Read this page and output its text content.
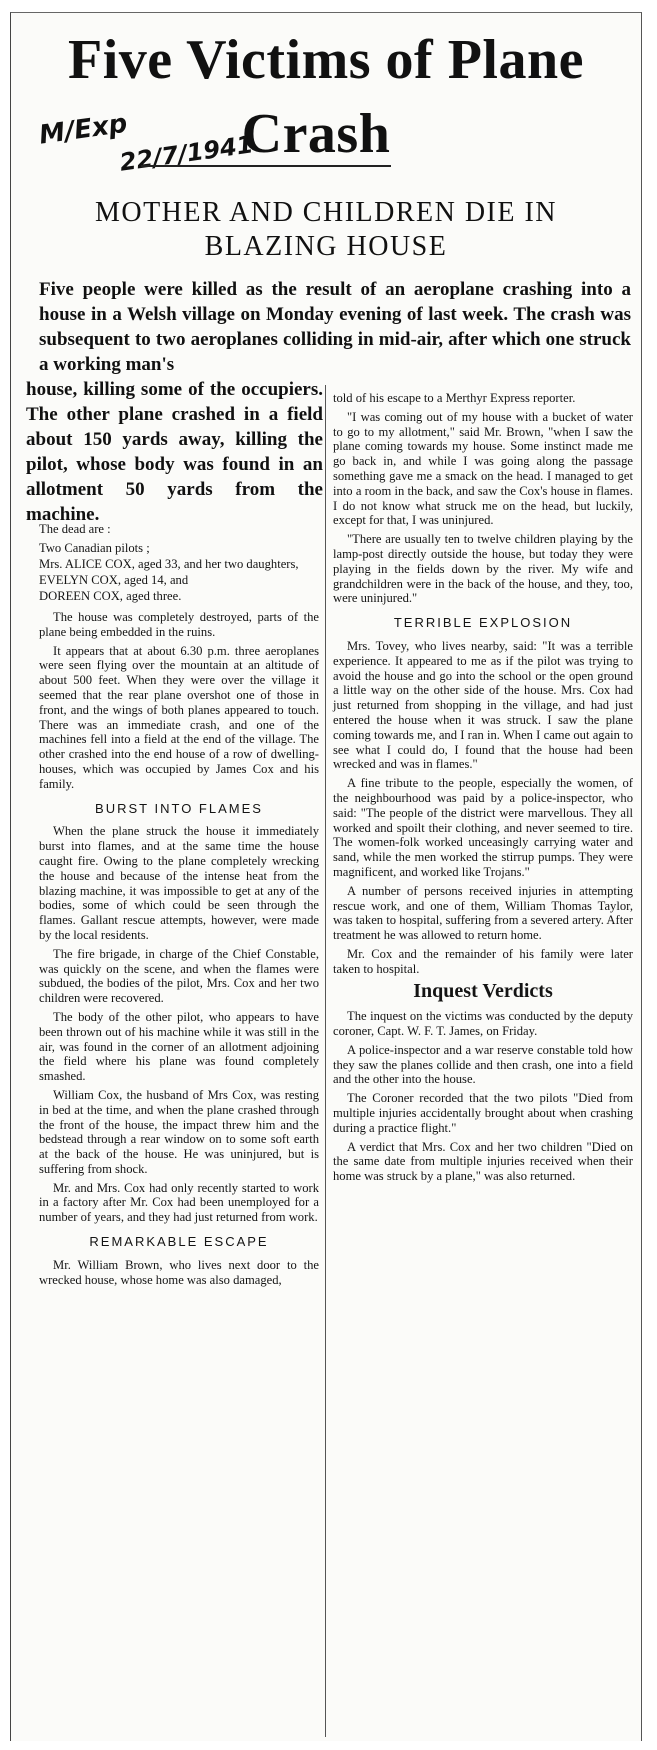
Five Victims of Plane
Crash
M/Exp
22/7/1941
MOTHER AND CHILDREN DIE IN BLAZING HOUSE

Five people were killed as the result of an aeroplane crashing into a house in a Welsh village on Monday evening of last week. The crash was subsequent to two aeroplanes colliding in mid-air, after which one struck a working man's

house, killing some of the occupiers. The other plane crashed in a field about 150 yards away, killing the pilot, whose body was found in an allotment 50 yards from the machine.

The dead are :
Two Canadian pilots ;
Mrs. ALICE COX, aged 33, and her two daughters,
EVELYN COX, aged 14, and
DOREEN COX, aged three.

The house was completely destroyed, parts of the plane being embedded in the ruins.

It appears that at about 6.30 p.m. three aeroplanes were seen flying over the mountain at an altitude of about 500 feet. When they were over the village it seemed that the rear plane overshot one of those in front, and the wings of both planes appeared to touch. There was an immediate crash, and one of the machines fell into a field at the end of the village. The other crashed into the end house of a row of dwelling-houses, which was occupied by James Cox and his family.

BURST INTO FLAMES

When the plane struck the house it immediately burst into flames, and at the same time the house caught fire. Owing to the plane completely wrecking the house and because of the intense heat from the blazing machine, it was impossible to get at any of the bodies, some of which could be seen through the flames. Gallant rescue attempts, however, were made by the local residents.

The fire brigade, in charge of the Chief Constable, was quickly on the scene, and when the flames were subdued, the bodies of the pilot, Mrs. Cox and her two children were recovered.

The body of the other pilot, who appears to have been thrown out of his machine while it was still in the air, was found in the corner of an allotment adjoining the field where his plane was found completely smashed.

William Cox, the husband of Mrs Cox, was resting in bed at the time, and when the plane crashed through the front of the house, the impact threw him and the bedstead through a rear window on to some soft earth at the back of the house. He was uninjured, but is suffering from shock.

Mr. and Mrs. Cox had only recently started to work in a factory after Mr. Cox had been unemployed for a number of years, and they had just returned from work.

REMARKABLE ESCAPE

Mr. William Brown, who lives next door to the wrecked house, whose home was also damaged,

told of his escape to a Merthyr Express reporter.

"I was coming out of my house with a bucket of water to go to my allotment," said Mr. Brown, "when I saw the plane coming towards my house. Some instinct made me go back in, and while I was going along the passage something gave me a smack on the head. I managed to get into a room in the back, and saw the Cox's house in flames. I do not know what struck me on the head, but luckily, except for that, I was uninjured.

"There are usually ten to twelve children playing by the lamp-post directly outside the house, but today they were playing in the fields down by the river. My wife and grandchildren were in the back of the house, and they, too, were uninjured."

TERRIBLE EXPLOSION

Mrs. Tovey, who lives nearby, said: "It was a terrible experience. It appeared to me as if the pilot was trying to avoid the house and go into the school or the open ground a little way on the other side of the house. Mrs. Cox had just returned from shopping in the village, and had just entered the house when it was struck. I saw the plane coming towards me, and I ran in. When I came out again to see what I could do, I found that the house had been wrecked and was in flames."

A fine tribute to the people, especially the women, of the neighbourhood was paid by a police-inspector, who said: "The people of the district were marvellous. They all worked and spoilt their clothing, and never seemed to tire. The women-folk worked unceasingly carrying water and sand, while the men worked the stirrup pumps. They were magnificent, and worked like Trojans."

A number of persons received injuries in attempting rescue work, and one of them, William Thomas Taylor, was taken to hospital, suffering from a severed artery. After treatment he was allowed to return home.

Mr. Cox and the remainder of his family were later taken to hospital.

Inquest Verdicts

The inquest on the victims was conducted by the deputy coroner, Capt. W. F. T. James, on Friday.

A police-inspector and a war reserve constable told how they saw the planes collide and then crash, one into a field and the other into the house.

The Coroner recorded that the two pilots "Died from multiple injuries accidentally brought about when crashing during a practice flight."

A verdict that Mrs. Cox and her two children "Died on the same date from multiple injuries received when their home was struck by a plane," was also returned.
